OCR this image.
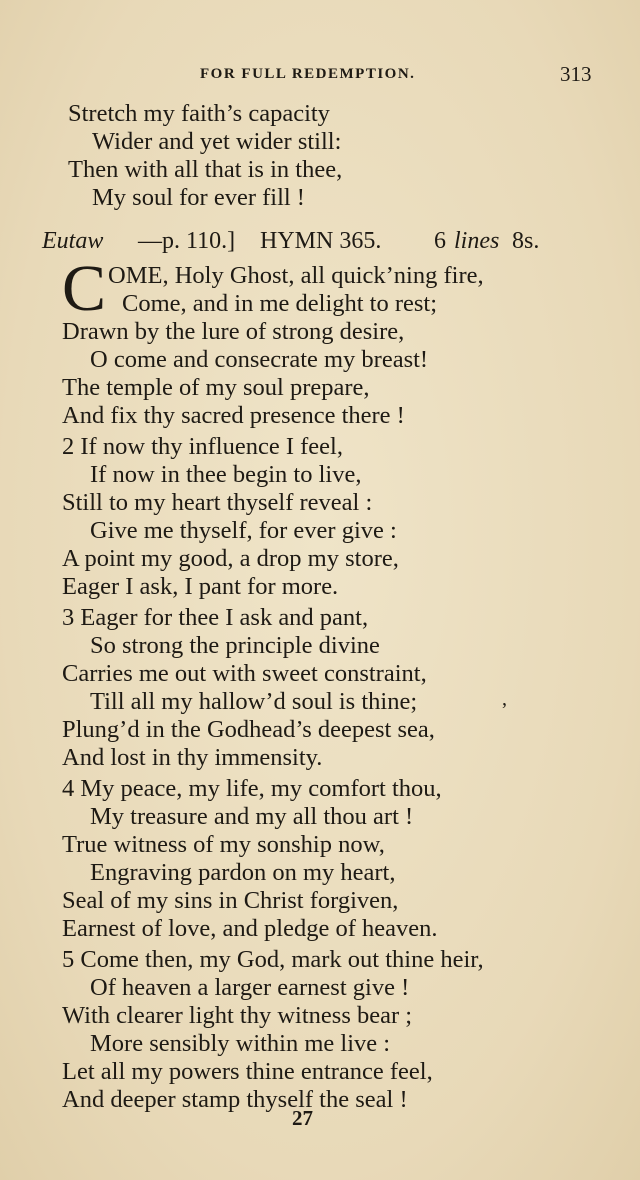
FOR FULL REDEMPTION.	313
Stretch my faith’s capacity
Wider and yet wider still:
Then with all that is in thee,
My soul for ever fill !
Eutaw —p. 110.] HYMN 365. 6 lines 8s.
C OME, Holy Ghost, all quick’ning fire,
Come, and in me delight to rest;
Drawn by the lure of strong desire,
O come and consecrate my breast!
The temple of my soul prepare,
And fix thy sacred presence there !
2 If now thy influence I feel,
If now in thee begin to live,
Still to my heart thyself reveal :
Give me thyself, for ever give :
A point my good, a drop my store,
Eager I ask, I pant for more.
3 Eager for thee I ask and pant,
So strong the principle divine
Carries me out with sweet constraint,
Till all my hallow’d soul is thine;
Plung’d in the Godhead’s deepest sea,
And lost in thy immensity.
,
4 My peace, my life, my comfort thou,
My treasure and my all thou art !
True witness of my sonship now,
Engraving pardon on my heart,
Seal of my sins in Christ forgiven,
Earnest of love, and pledge of heaven.
5 Come then, my God, mark out thine heir,
Of heaven a larger earnest give !
With clearer light thy witness bear ;
More sensibly within me live :
Let all my powers thine entrance feel,
And deeper stamp thyself the seal !
27
